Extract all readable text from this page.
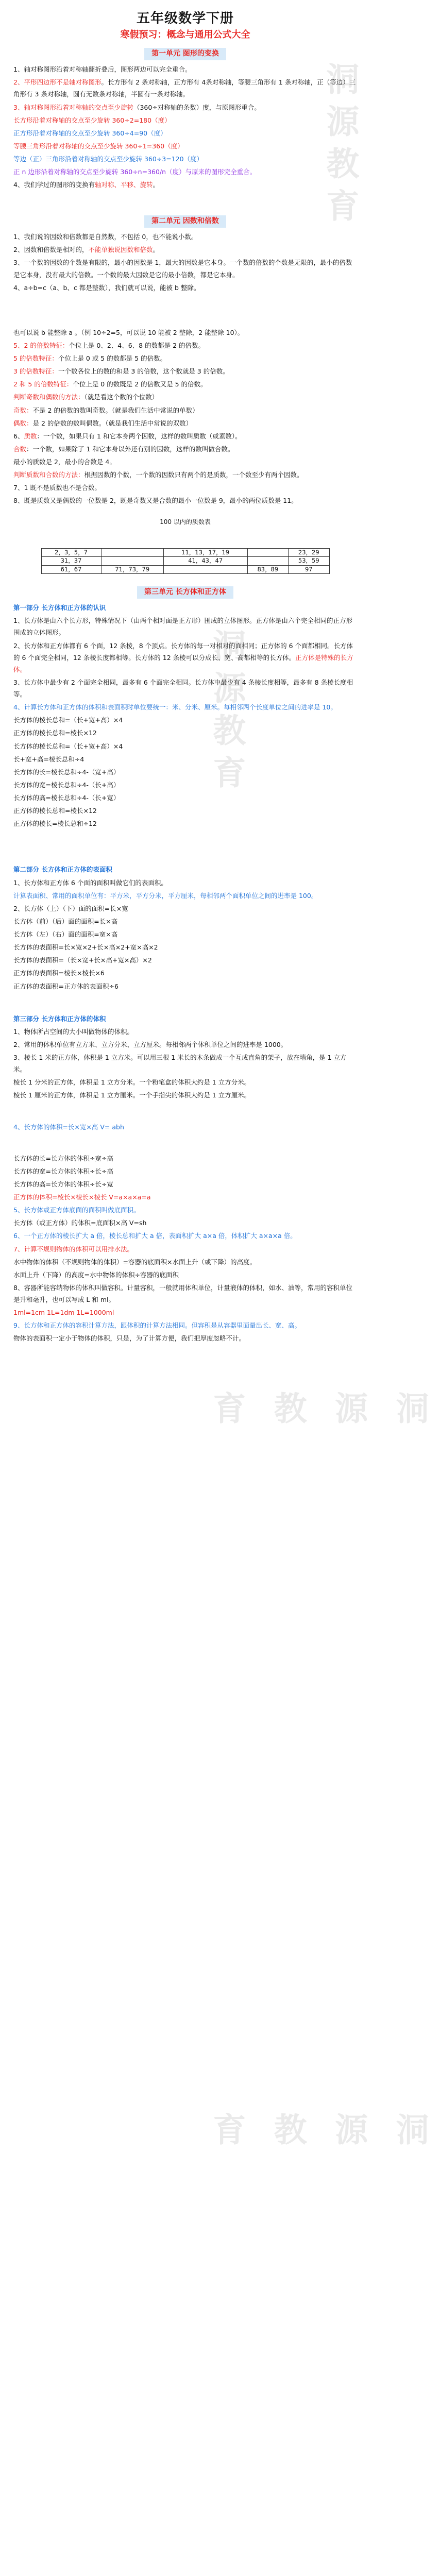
洞源教育
洞源教育
洞源教育
洞源教育
五年级数学下册
寒假预习：概念与通用公式大全
第一单元 图形的变换

1、轴对称图形沿着对称轴翻折叠后，图形两边可以完全重合。

2、平形四边形不是轴对称图形。长方形有 2 条对称轴，正方形有 4条对称轴，等腰三角形有 1 条对称轴，正（等边）三角形有 3 条对称轴，圆有无数条对称轴，半圆有一条对称轴。

3、轴对称图形沿着对称轴的交点至少旋转（360÷对称轴的条数）度，与原图形重合。

长方形沿着对称轴的交点至少旋转 360÷2=180（度）

正方形沿着对称轴的交点至少旋转 360÷4=90（度）

等腰三角形沿着对称轴的交点至少旋转 360÷1=360（度）

等边（正）三角形沿着对称轴的交点至少旋转 360÷3=120（度）

正 n 边形沿着对称轴的交点至少旋转 360÷n=360/n（度）与原来的图形完全重合。

4、我们学过的图形的变换有轴对称、平移、旋转。

第二单元 因数和倍数

1、我们说的因数和倍数都是自然数，不包括 0，也不能说小数。

2、因数和倍数是相对的，不能单独说因数和倍数。

3、一个数的因数的个数是有限的，最小的因数是 1，最大的因数是它本身。一个数的倍数的个数是无限的，最小的倍数是它本身，没有最大的倍数。一个数的最大因数是它的最小倍数，都是它本身。

4、a÷b=c（a、b、c 都是整数），我们就可以说，能被 b 整除。

也可以说 b 能整除 a 。（例 10÷2=5，可以说 10 能被 2 整除，2 能整除 10）。

5、2 的倍数特征：个位上是 0、2、4、6、8 的数都是 2 的倍数。

5 的倍数特征：个位上是 0 或 5 的数都是 5 的倍数。

3 的倍数特征：一个数各位上的数的和是 3 的倍数，这个数就是 3 的倍数。

2 和 5 的倍数特征：个位上是 0 的数既是 2 的倍数又是 5 的倍数。

判断奇数和偶数的方法：（就是看这个数的个位数）

奇数：不是 2 的倍数的数叫奇数。（就是我们生活中常说的单数）

偶数：是 2 的倍数的数叫偶数。（就是我们生活中常说的双数）

6、质数：一个数，如果只有 1 和它本身两个因数，这样的数叫质数（或素数）。

合数：一个数，如果除了 1 和它本身以外还有别的因数，这样的数叫做合数。

最小的质数是 2，最小的合数是 4。

判断质数和合数的方法：根据因数的个数，一个数的因数只有两个的是质数，一个数至少有两个因数。

7、1 既不是质数也不是合数。

8、既是质数又是偶数的一位数是 2，既是奇数又是合数的最小一位数是 9，最小的两位质数是 11。

100 以内的质数表
2，3，5，7		11，13，17，19		23，29
31，37		41，43，47		53，59
61，67	71，73，79		83，89	97
第三单元 长方体和正方体

第一部分 长方体和正方体的认识

1、长方体是由六个长方形，特殊情况下（由两个相对面是正方形）围成的立体图形。正方体是由六个完全相同的正方形围成的立体图形。

2、长方体和正方体都有 6 个面，12 条棱，8 个顶点。长方体的每一对相对的面相同；正方体的 6 个面都相同。长方体的 6 个面完全相同，12 条棱长度都相等。长方体的 12 条棱可以分成长、宽、高都相等的长方体。正方体是特殊的长方体。

3、长方体中最少有 2 个面完全相同，最多有 6 个面完全相同。长方体中最少有 4 条棱长度相等，最多有 8 条棱长度相等。

4、计算长方体和正方体的体积和表面积时单位要统一：米、分米、厘米。每相邻两个长度单位之间的进率是 10。

长方体的棱长总和=（长+宽+高）×4

正方体的棱长总和=棱长×12

长方体的棱长总和=（长+宽+高）×4

长+宽+高=棱长总和÷4

长方体的长=棱长总和÷4-（宽+高）

长方体的宽=棱长总和÷4-（长+高）

长方体的高=棱长总和÷4-（长+宽）

正方体的棱长总和=棱长×12

正方体的棱长=棱长总和÷12

第二部分 长方体和正方体的表面积

1、长方体和正方体 6 个面的面积叫做它们的表面积。

计算表面积、常用的面积单位有：平方米，平方分米，平方厘米，每相邻两个面积单位之间的进率是 100。

2、长方体（上）（下）面的面积=长×宽

长方体（前）（后）面的面积=长×高

长方体（左）（右）面的面积=宽×高

长方体的表面积=长×宽×2+长×高×2+宽×高×2

长方体的表面积=（长×宽+长×高+宽×高）×2

正方体的表面积=棱长×棱长×6

正方体的表面积=正方体的表面积÷6

第三部分 长方体和正方体的体积

1、物体所占空间的大小叫做物体的体积。

2、常用的体积单位有立方米、立方分米、立方厘米。每相邻两个体积单位之间的进率是 1000。

3、棱长 1 米的正方体，体积是 1 立方米。可以用三根 1 米长的木条做成一个互成直角的架子，放在墙角，是 1 立方米。

棱长 1 分米的正方体，体积是 1 立方分米。一个粉笔盒的体积大约是 1 立方分米。

棱长 1 厘米的正方体，体积是 1 立方厘米。一个手指尖的体积大约是 1 立方厘米。

4、长方体的体积=长×宽×高 V= abh

长方体的长=长方体的体积÷宽÷高

长方体的宽=长方体的体积÷长÷高

长方体的高=长方体的体积÷长÷宽

正方体的体积=棱长×棱长×棱长 V=a×a×a=a

5、长方体或正方体底面的面积叫做底面积。

长方体（或正方体）的体积=底面积×高 V=sh

6、一个正方体的棱长扩大 a 倍，棱长总和扩大 a 倍，表面积扩大 a×a 倍，体积扩大 a×a×a 倍。

7、计算不规则物体的体积可以用排水法。

水中物体的体积（不规则物体的体积）=容器的底面积×水面上升（或下降）的高度。

水面上升（下降）的高度=水中物体的体积÷容器的底面积

8、容器所能容纳物体的体积叫做容积。计量容积，一般就用体积单位，计量液体的体积，如水、油等，常用的容积单位是升和毫升，也可以写成 L 和 ml。

1ml=1cm 1L=1dm 1L=1000ml

9、长方体和正方体的容积计算方法，跟体积的计算方法相同。但容积是从容器里面量出长、宽、高。

物体的表面积一定小于物体的体积，只是，为了计算方便，我们把厚度忽略不计。
